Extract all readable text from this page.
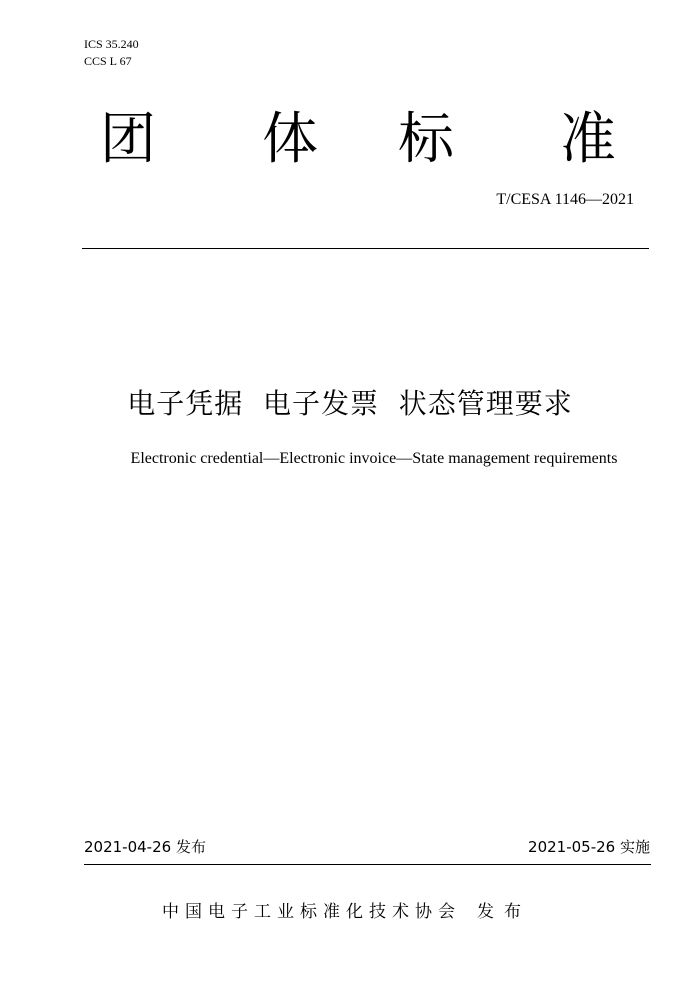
ICS 35.240
CCS L 67
团 体 标 准
T/CESA 1146—2021
电子凭据  电子发票  状态管理要求
Electronic credential—Electronic invoice—State management requirements
2021-04-26 发布	2021-05-26 实施
中国电子工业标准化技术协会 发布
